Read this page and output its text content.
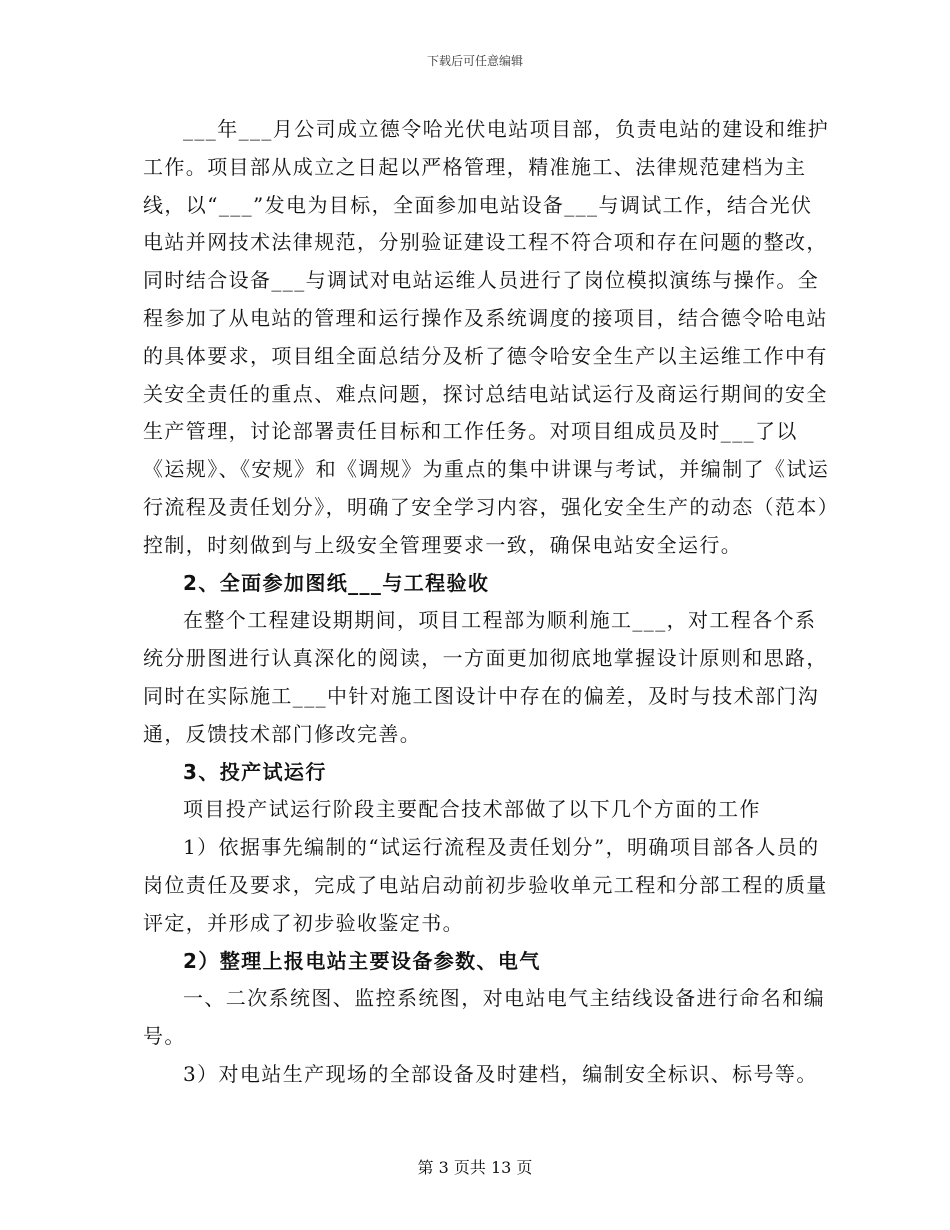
下载后可任意编辑

___年___月公司成立德令哈光伏电站项目部，负责电站的建设和维护工作。项目部从成立之日起以严格管理，精准施工、法律规范建档为主线，以“___”发电为目标，全面参加电站设备___与调试工作，结合光伏电站并网技术法律规范，分别验证建设工程不符合项和存在问题的整改，同时结合设备___与调试对电站运维人员进行了岗位模拟演练与操作。全程参加了从电站的管理和运行操作及系统调度的接项目，结合德令哈电站的具体要求，项目组全面总结分及析了德令哈安全生产以主运维工作中有关安全责任的重点、难点问题，探讨总结电站试运行及商运行期间的安全生产管理，讨论部署责任目标和工作任务。对项目组成员及时___了以《运规》、《安规》和《调规》为重点的集中讲课与考试，并编制了《试运行流程及责任划分》，明确了安全学习内容，强化安全生产的动态（范本）控制，时刻做到与上级安全管理要求一致，确保电站安全运行。

2、全面参加图纸___与工程验收

在整个工程建设期期间，项目工程部为顺利施工___，对工程各个系统分册图进行认真深化的阅读，一方面更加彻底地掌握设计原则和思路，同时在实际施工___中针对施工图设计中存在的偏差，及时与技术部门沟通，反馈技术部门修改完善。

3、投产试运行

项目投产试运行阶段主要配合技术部做了以下几个方面的工作

1）依据事先编制的“试运行流程及责任划分”，明确项目部各人员的岗位责任及要求，完成了电站启动前初步验收单元工程和分部工程的质量评定，并形成了初步验收鉴定书。

2）整理上报电站主要设备参数、电气

一、二次系统图、监控系统图，对电站电气主结线设备进行命名和编号。

3）对电站生产现场的全部设备及时建档，编制安全标识、标号等。

第 3 页共 13 页
